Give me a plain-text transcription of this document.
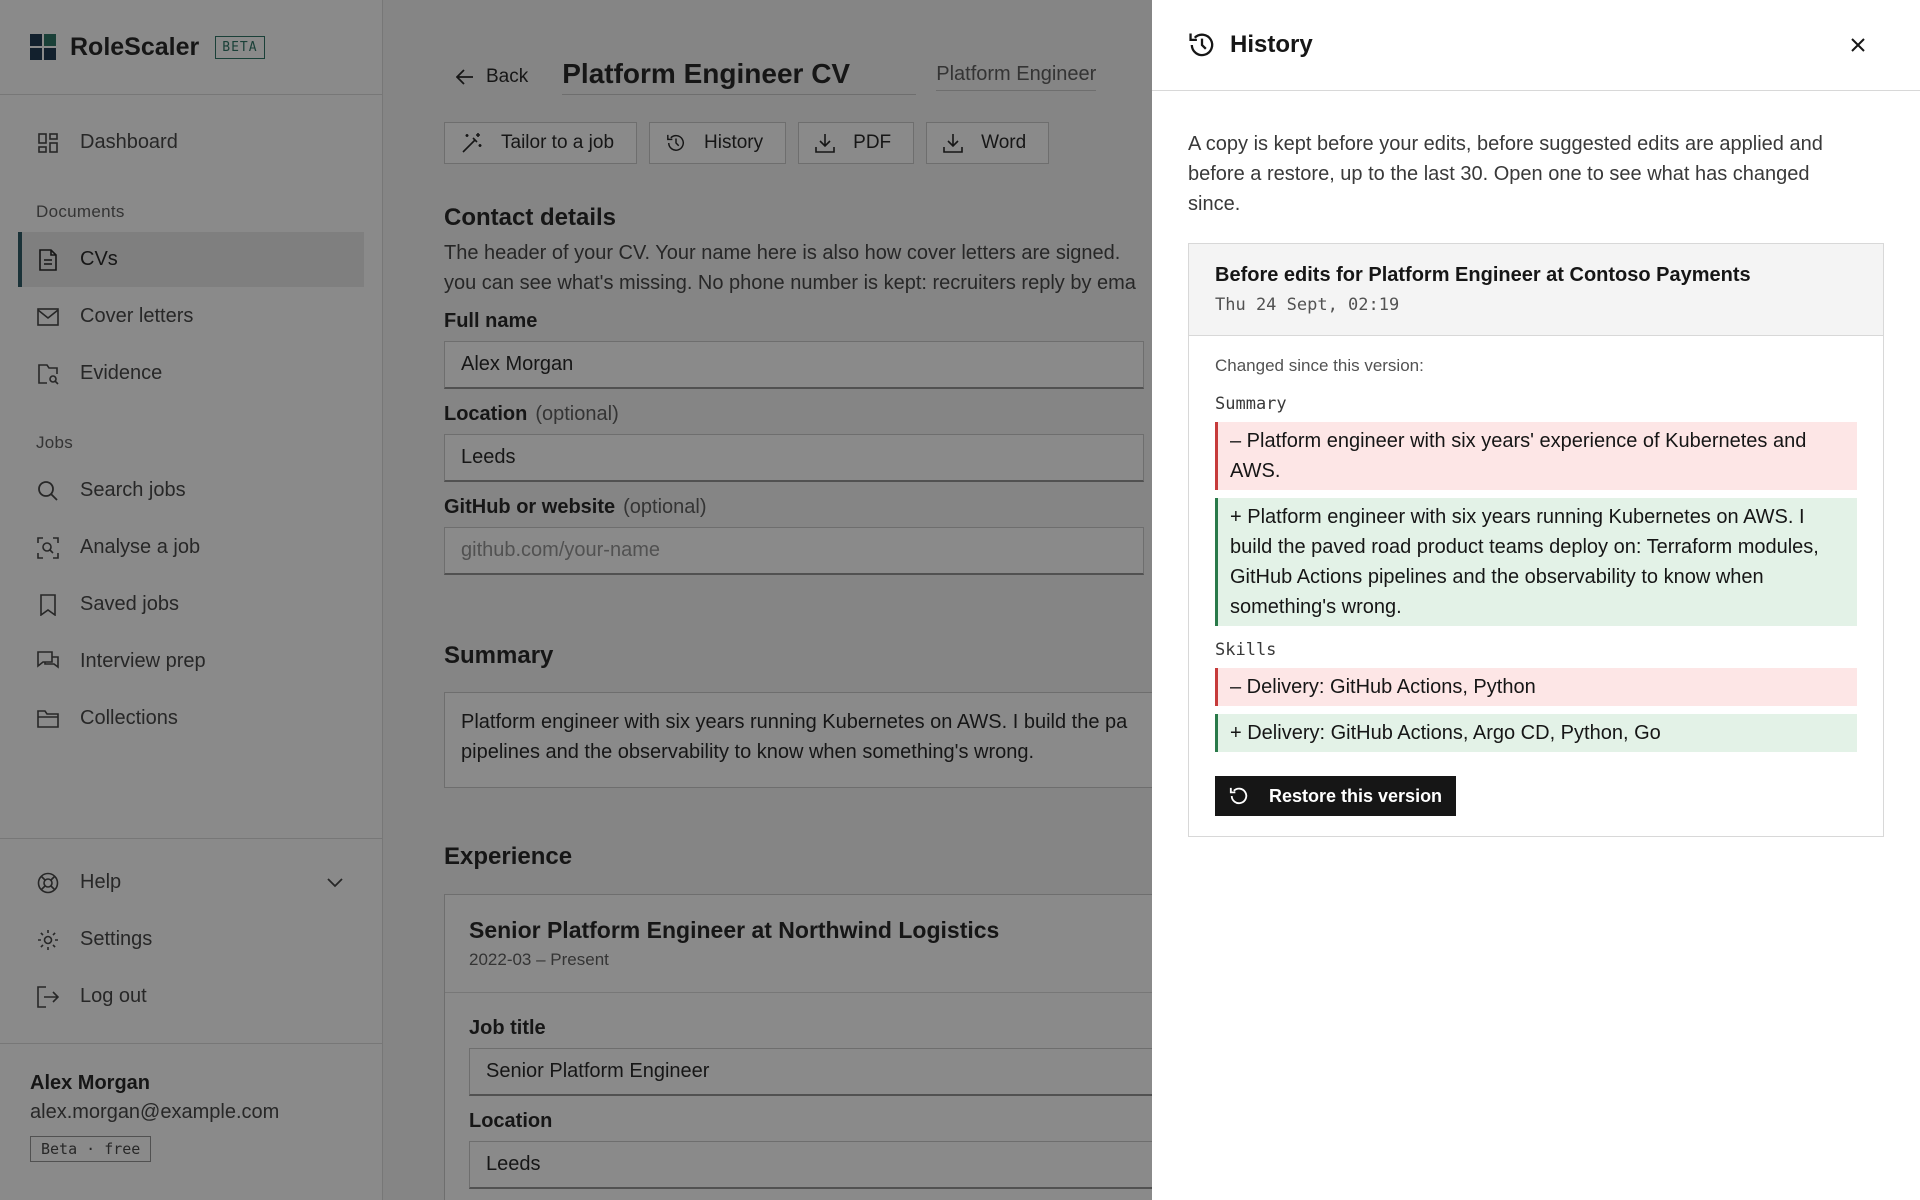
History

A copy is kept before your edits, before suggested edits are applied and before a restore, up to the last 30. Open one to see what has changed since.

Before edits for Platform Engineer at Contoso Payments
Thu 24 Sept, 02:19
Changed since this version:
Summary
– Platform engineer with six years' experience of Kubernetes and AWS.
+ Platform engineer with six years running Kubernetes on AWS. I build the paved road product teams deploy on: Terraform modules, GitHub Actions pipelines and the observability to know when something's wrong.
Skills
– Delivery: GitHub Actions, Python
+ Delivery: GitHub Actions, Argo CD, Python, Go
Restore this version
